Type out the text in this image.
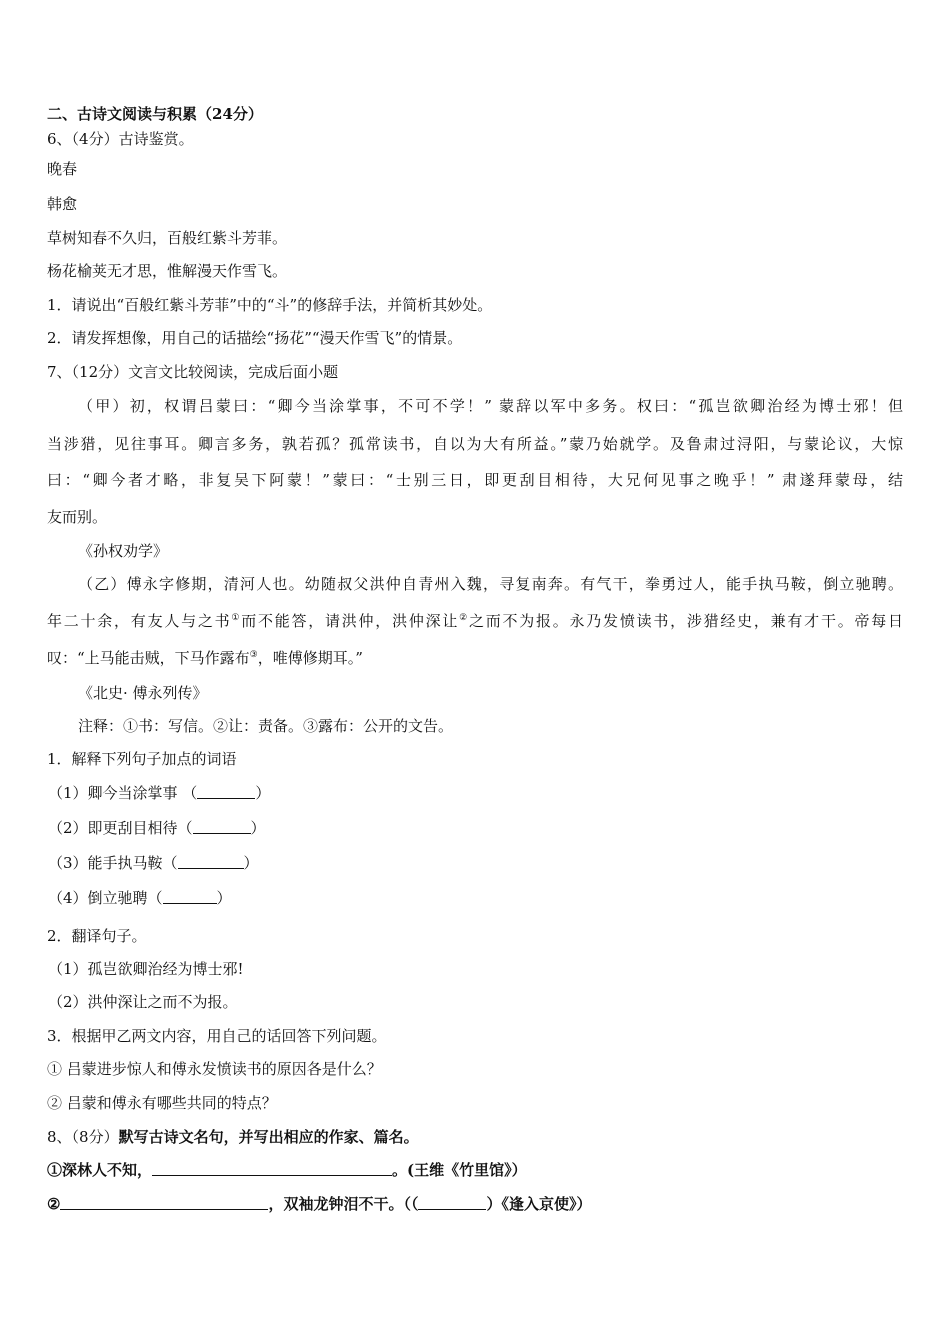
二、古诗文阅读与积累（24分）
6、（4分）古诗鉴赏。
晚春
韩愈
草树知春不久归，百般红紫斗芳菲。
杨花榆荚无才思，惟解漫天作雪飞。
1．请说出“百般红紫斗芳菲”中的“斗”的修辞手法，并简析其妙处。
2．请发挥想像，用自己的话描绘“扬花”“漫天作雪飞”的情景。
7、（12分）文言文比较阅读，完成后面小题
（甲）初，权谓吕蒙曰：“卿今当涂掌事，不可不学！” 蒙辞以军中多务。权曰：“孤岂欲卿治经为博士邪！但
当涉猎，见往事耳。卿言多务，孰若孤？孤常读书，自以为大有所益。”蒙乃始就学。及鲁肃过浔阳，与蒙论议，大惊
曰：“卿今者才略，非复吴下阿蒙！”蒙曰：“士别三日，即更刮目相待，大兄何见事之晚乎！” 肃遂拜蒙母，结
友而别。
《孙权劝学》
（乙）傅永字修期，清河人也。幼随叔父洪仲自青州入魏，寻复南奔。有气干，拳勇过人，能手执马鞍，倒立驰聘。
年二十余，有友人与之书①而不能答，请洪仲，洪仲深让②之而不为报。永乃发愤读书，涉猎经史，兼有才干。帝每日
叹：“上马能击贼，下马作露布③，唯傅修期耳。”
《北史· 傅永列传》
注释：①书：写信。②让：责备。③露布：公开的文告。
1．解释下列句子加点的词语
（1）卿今当涂掌事 （	）
（2）即更刮目相待（	）
（3）能手执马鞍（	）
（4）倒立驰聘（	）
2．翻译句子。
（1）孤岂欲卿治经为博士邪!
（2）洪仲深让之而不为报。
3．根据甲乙两文内容，用自己的话回答下列问题。
① 吕蒙进步惊人和傅永发愤读书的原因各是什么？
② 吕蒙和傅永有哪些共同的特点？
8、（8分）默写古诗文名句，并写出相应的作家、篇名。
①深林人不知，	。(王维《竹里馆》）
②	，双袖龙钟泪不干。（（	）《逢入京使》）
